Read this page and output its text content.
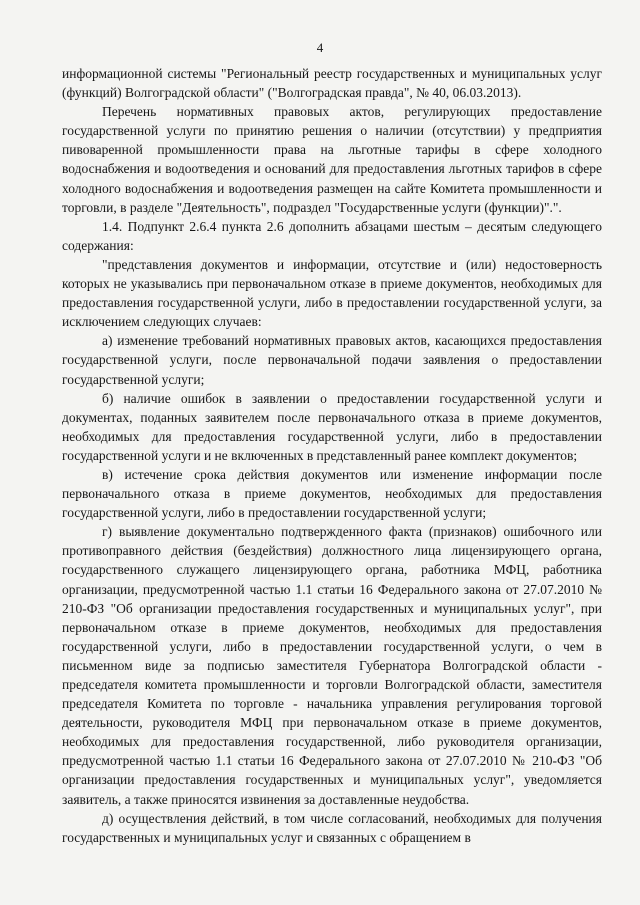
4

информационной системы "Региональный реестр государственных и муниципальных услуг (функций) Волгоградской области" ("Волгоградская правда", № 40, 06.03.2013).

Перечень нормативных правовых актов, регулирующих предоставление государственной услуги по принятию решения о наличии (отсутствии) у предприятия пивоваренной промышленности права на льготные тарифы в сфере холодного водоснабжения и водоотведения и оснований для предоставления льготных тарифов в сфере холодного водоснабжения и водоотведения размещен на сайте Комитета промышленности и торговли, в разделе "Деятельность", подраздел "Государственные услуги (функции)".".

1.4. Подпункт 2.6.4 пункта 2.6 дополнить абзацами шестым – десятым следующего содержания:

"представления документов и информации, отсутствие и (или) недостоверность которых не указывались при первоначальном отказе в приеме документов, необходимых для предоставления государственной услуги, либо в предоставлении государственной услуги, за исключением следующих случаев:

а) изменение требований нормативных правовых актов, касающихся предоставления государственной услуги, после первоначальной подачи заявления о предоставлении государственной услуги;

б) наличие ошибок в заявлении о предоставлении государственной услуги и документах, поданных заявителем после первоначального отказа в приеме документов, необходимых для предоставления государственной услуги, либо в предоставлении государственной услуги и не включенных в представленный ранее комплект документов;

в) истечение срока действия документов или изменение информации после первоначального отказа в приеме документов, необходимых для предоставления государственной услуги, либо в предоставлении государственной услуги;

г) выявление документально подтвержденного факта (признаков) ошибочного или противоправного действия (бездействия) должностного лица лицензирующего органа, государственного служащего лицензирующего органа, работника МФЦ, работника организации, предусмотренной частью 1.1 статьи 16 Федерального закона от 27.07.2010 № 210-ФЗ "Об организации предоставления государственных и муниципальных услуг", при первоначальном отказе в приеме документов, необходимых для предоставления государственной услуги, либо в предоставлении государственной услуги, о чем в письменном виде за подписью заместителя Губернатора Волгоградской области - председателя комитета промышленности и торговли Волгоградской области, заместителя председателя Комитета по торговле - начальника управления регулирования торговой деятельности, руководителя МФЦ при первоначальном отказе в приеме документов, необходимых для предоставления государственной, либо руководителя организации, предусмотренной частью 1.1 статьи 16 Федерального закона от 27.07.2010 № 210-ФЗ "Об организации предоставления государственных и муниципальных услуг", уведомляется заявитель, а также приносятся извинения за доставленные неудобства.

д) осуществления действий, в том числе согласований, необходимых для получения государственных и муниципальных услуг и связанных с обращением в
